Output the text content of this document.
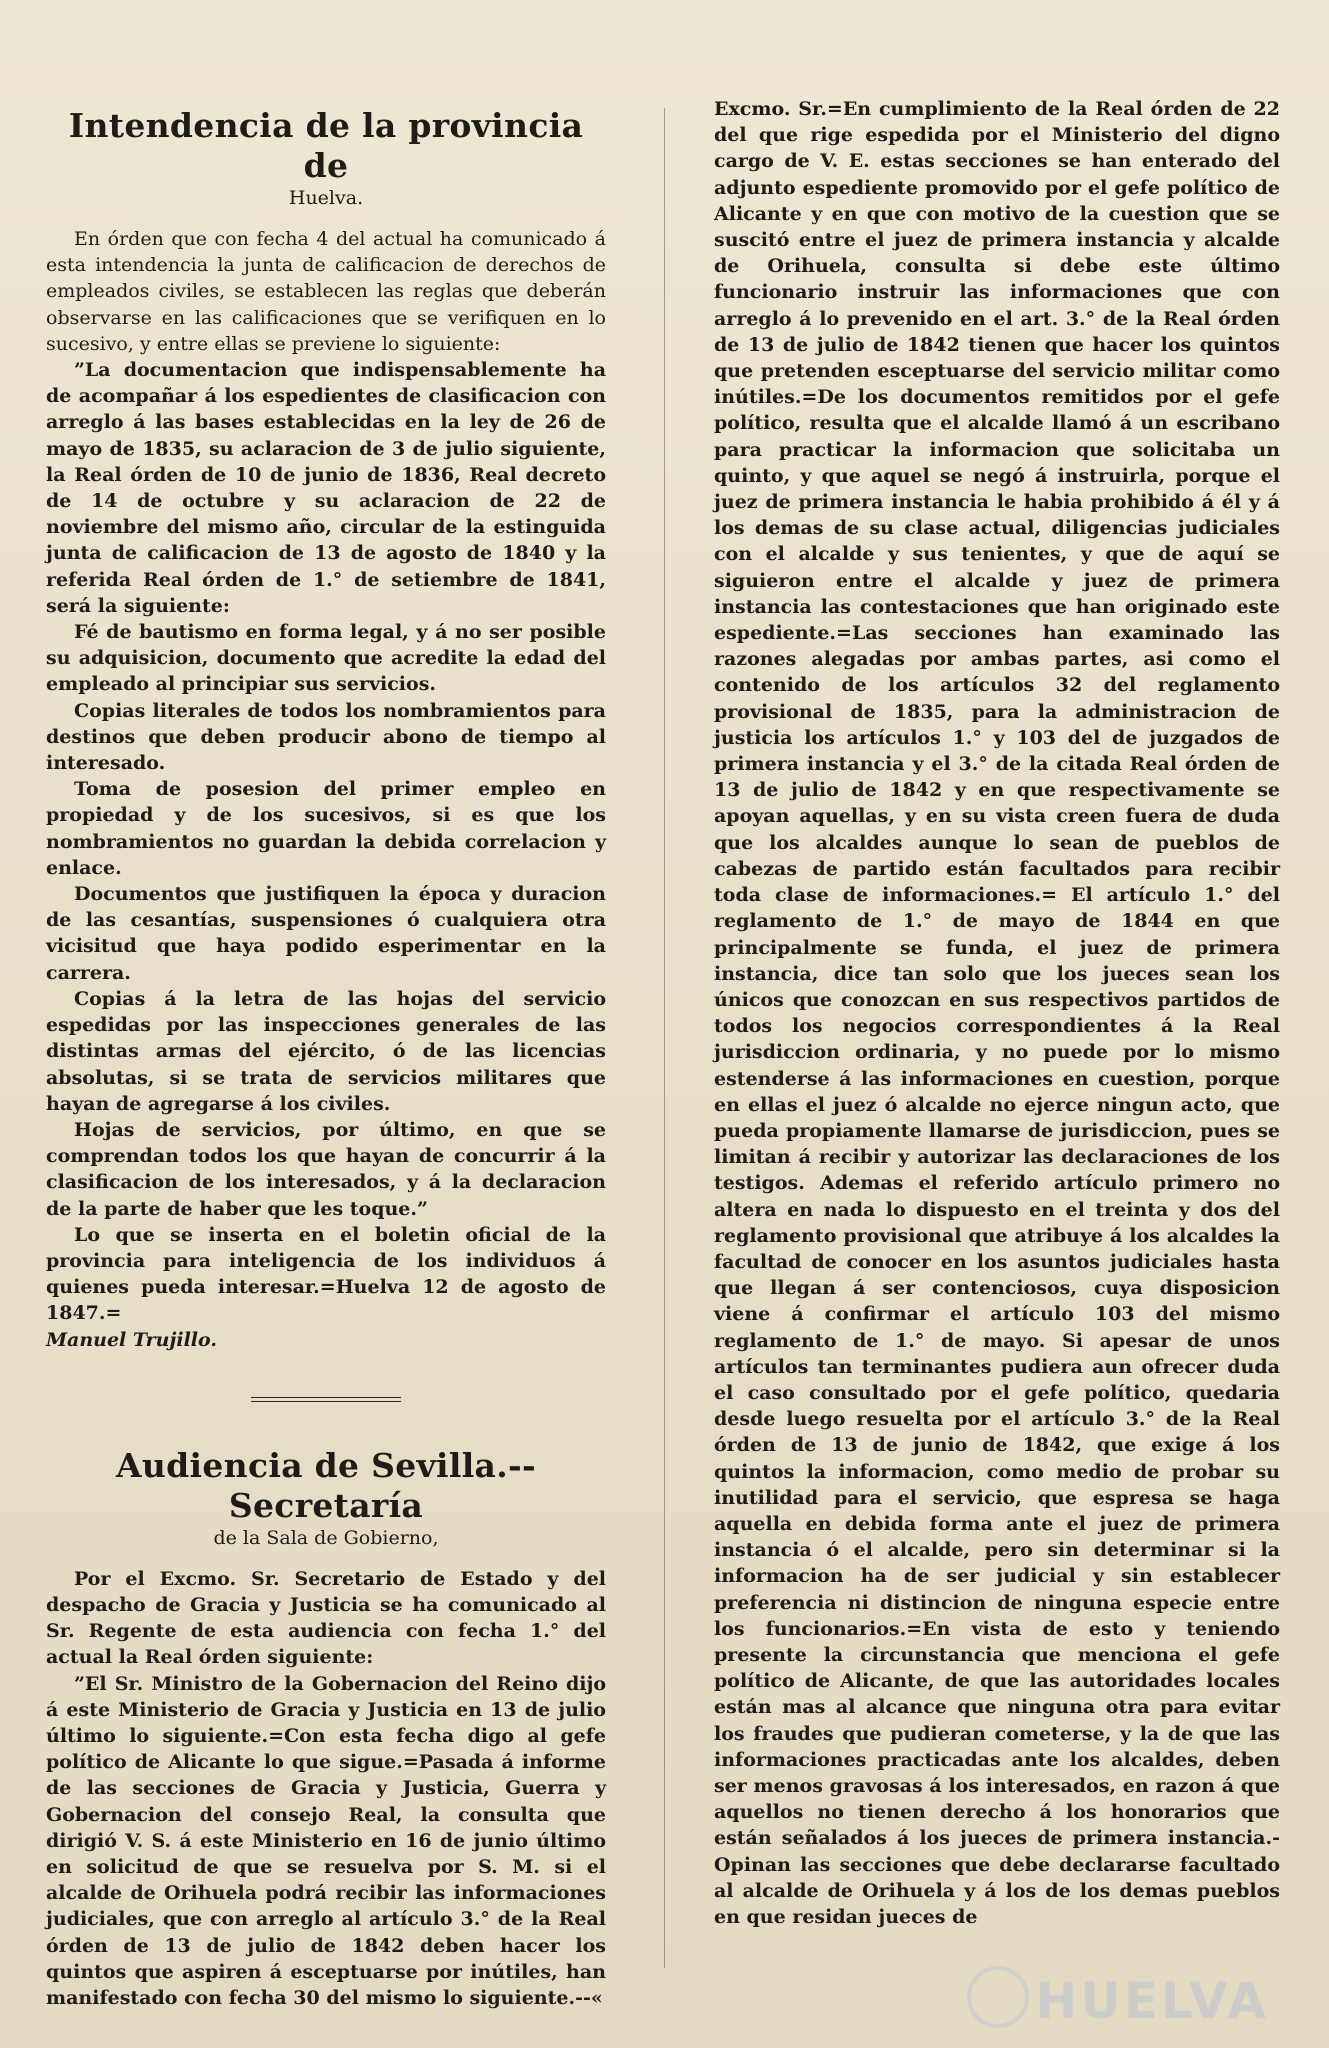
Intendencia de la provincia de
Huelva.

En órden que con fecha 4 del actual ha comunicado á esta intendencia la junta de calificacion de derechos de empleados civiles, se establecen las reglas que deberán observarse en las calificaciones que se verifiquen en lo sucesivo, y entre ellas se previene lo siguiente:

”La documentacion que indispensablemente ha de acompañar á los espedientes de clasificacion con arreglo á las bases establecidas en la ley de 26 de mayo de 1835, su aclaracion de 3 de julio siguiente, la Real órden de 10 de junio de 1836, Real decreto de 14 de octubre y su aclaracion de 22 de noviembre del mismo año, circular de la estinguida junta de calificacion de 13 de agosto de 1840 y la referida Real órden de 1.° de setiembre de 1841, será la siguiente:

Fé de bautismo en forma legal, y á no ser posible su adquisicion, documento que acredite la edad del empleado al principiar sus servicios.

Copias literales de todos los nombramientos para destinos que deben producir abono de tiempo al interesado.

Toma de posesion del primer empleo en propiedad y de los sucesivos, si es que los nombramientos no guardan la debida correlacion y enlace.

Documentos que justifiquen la época y duracion de las cesantías, suspensiones ó cualquiera otra vicisitud que haya podido esperimentar en la carrera.

Copias á la letra de las hojas del servicio espedidas por las inspecciones generales de las distintas armas del ejército, ó de las licencias absolutas, si se trata de servicios militares que hayan de agregarse á los civiles.

Hojas de servicios, por último, en que se comprendan todos los que hayan de concurrir á la clasificacion de los interesados, y á la declaracion de la parte de haber que les toque.”

Lo que se inserta en el boletin oficial de la provincia para inteligencia de los individuos á quienes pueda interesar.=Huelva 12 de agosto de 1847.=

Manuel Trujillo.

Audiencia de Sevilla.--Secretaría
de la Sala de Gobierno,

Por el Excmo. Sr. Secretario de Estado y del despacho de Gracia y Justicia se ha comunicado al Sr. Regente de esta audiencia con fecha 1.° del actual la Real órden siguiente:

”El Sr. Ministro de la Gobernacion del Reino dijo á este Ministerio de Gracia y Justicia en 13 de julio último lo siguiente.=Con esta fecha digo al gefe político de Alicante lo que sigue.=Pasada á informe de las secciones de Gracia y Justicia, Guerra y Gobernacion del consejo Real, la consulta que dirigió V. S. á este Ministerio en 16 de junio último en solicitud de que se resuelva por S. M. si el alcalde de Orihuela podrá recibir las informaciones judiciales, que con arreglo al artículo 3.° de la Real órden de 13 de julio de 1842 deben hacer los quintos que aspiren á esceptuarse por inútiles, han manifestado con fecha 30 del mismo lo siguiente.--«

Excmo. Sr.=En cumplimiento de la Real órden de 22 del que rige espedida por el Ministerio del digno cargo de V. E. estas secciones se han enterado del adjunto espediente promovido por el gefe político de Alicante y en que con motivo de la cuestion que se suscitó entre el juez de primera instancia y alcalde de Orihuela, consulta si debe este último funcionario instruir las informaciones que con arreglo á lo prevenido en el art. 3.° de la Real órden de 13 de julio de 1842 tienen que hacer los quintos que pretenden esceptuarse del servicio militar como inútiles.=De los documentos remitidos por el gefe político, resulta que el alcalde llamó á un escribano para practicar la informacion que solicitaba un quinto, y que aquel se negó á instruirla, porque el juez de primera instancia le habia prohibido á él y á los demas de su clase actual, diligencias judiciales con el alcalde y sus tenientes, y que de aquí se siguieron entre el alcalde y juez de primera instancia las contestaciones que han originado este espediente.=Las secciones han examinado las razones alegadas por ambas partes, asi como el contenido de los artículos 32 del reglamento provisional de 1835, para la administracion de justicia los artículos 1.° y 103 del de juzgados de primera instancia y el 3.° de la citada Real órden de 13 de julio de 1842 y en que respectivamente se apoyan aquellas, y en su vista creen fuera de duda que los alcaldes aunque lo sean de pueblos de cabezas de partido están facultados para recibir toda clase de informaciones.= El artículo 1.° del reglamento de 1.° de mayo de 1844 en que principalmente se funda, el juez de primera instancia, dice tan solo que los jueces sean los únicos que conozcan en sus respectivos partidos de todos los negocios correspondientes á la Real jurisdiccion ordinaria, y no puede por lo mismo estenderse á las informaciones en cuestion, porque en ellas el juez ó alcalde no ejerce ningun acto, que pueda propiamente llamarse de jurisdiccion, pues se limitan á recibir y autorizar las declaraciones de los testigos. Ademas el referido artículo primero no altera en nada lo dispuesto en el treinta y dos del reglamento provisional que atribuye á los alcaldes la facultad de conocer en los asuntos judiciales hasta que llegan á ser contenciosos, cuya disposicion viene á confirmar el artículo 103 del mismo reglamento de 1.° de mayo. Si apesar de unos artículos tan terminantes pudiera aun ofrecer duda el caso consultado por el gefe político, quedaria desde luego resuelta por el artículo 3.° de la Real órden de 13 de junio de 1842, que exige á los quintos la informacion, como medio de probar su inutilidad para el servicio, que espresa se haga aquella en debida forma ante el juez de primera instancia ó el alcalde, pero sin determinar si la informacion ha de ser judicial y sin establecer preferencia ni distincion de ninguna especie entre los funcionarios.=En vista de esto y teniendo presente la circunstancia que menciona el gefe político de Alicante, de que las autoridades locales están mas al alcance que ninguna otra para evitar los fraudes que pudieran cometerse, y la de que las informaciones practicadas ante los alcaldes, deben ser menos gravosas á los interesados, en razon á que aquellos no tienen derecho á los honorarios que están señalados á los jueces de primera instancia.- Opinan las secciones que debe declararse facultado al alcalde de Orihuela y á los de los demas pueblos en que residan jueces de

HUELVA
